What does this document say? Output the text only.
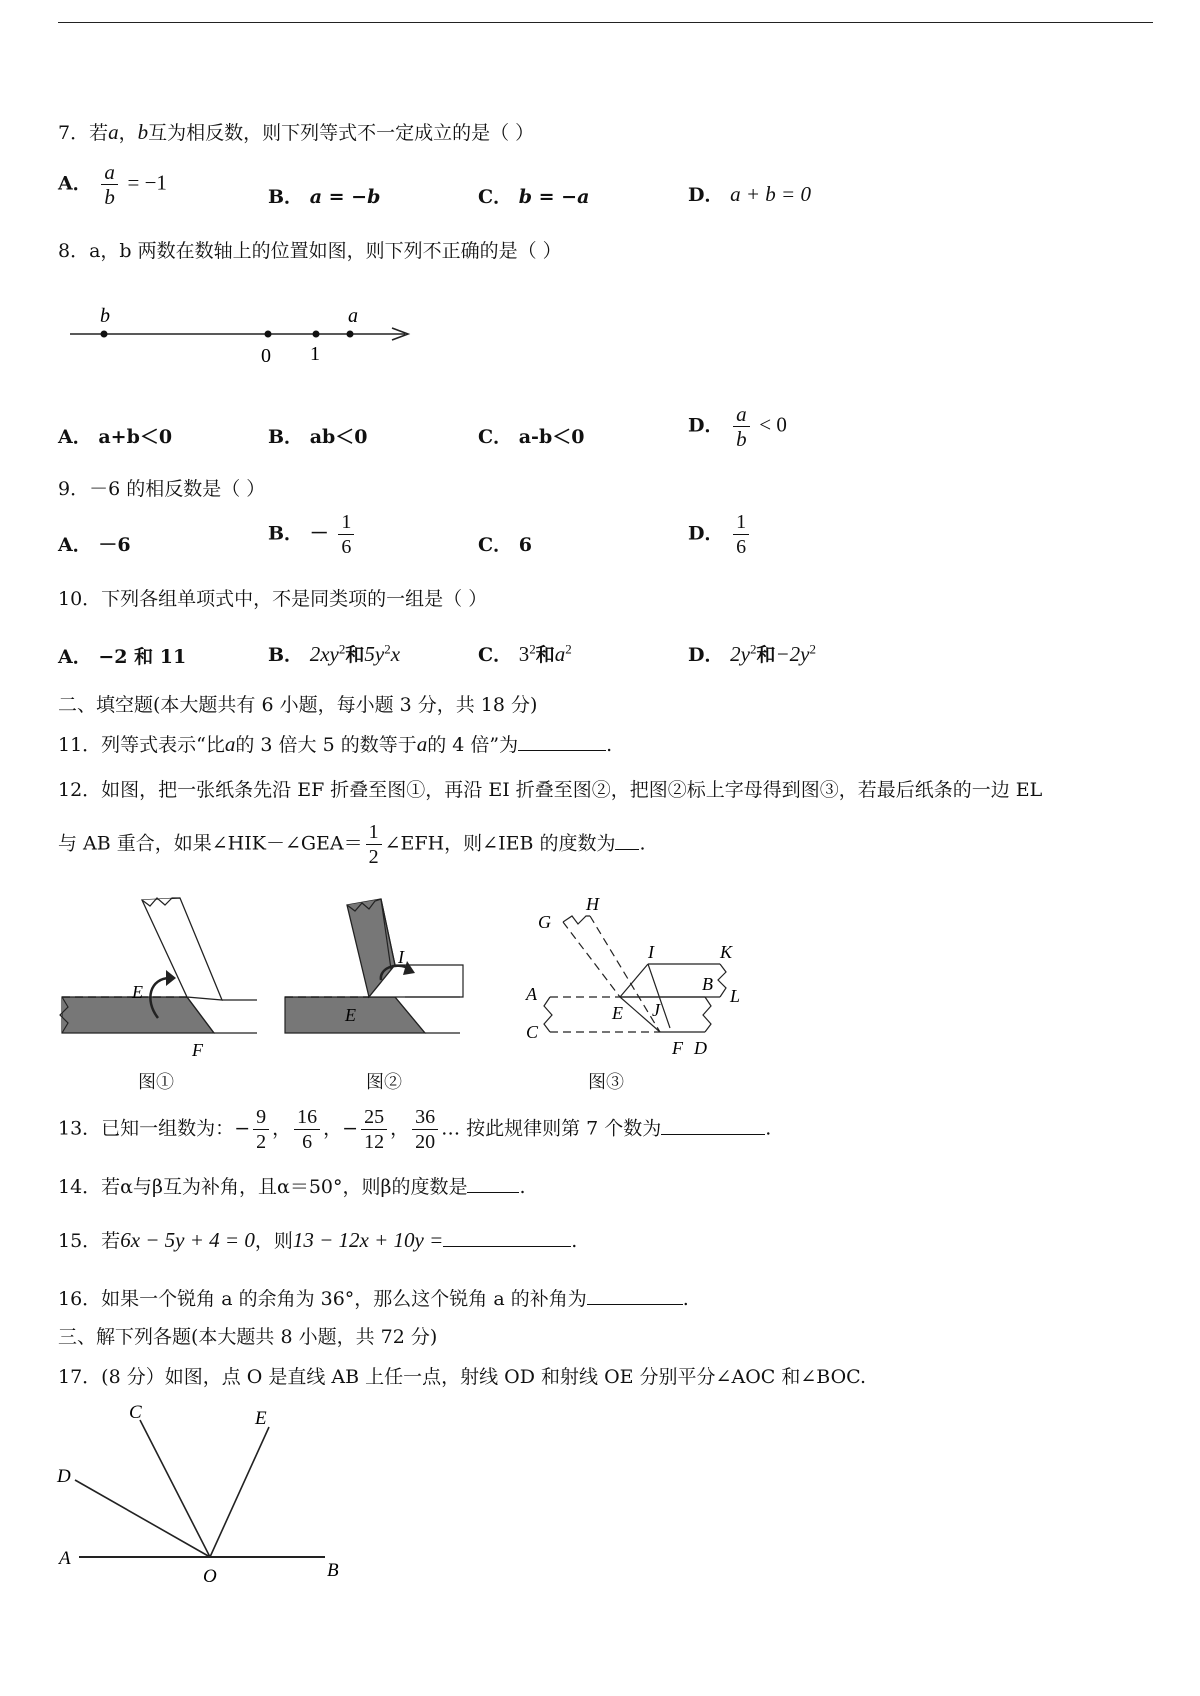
7．若a，b互为相反数，则下列等式不一定成立的是（ ）
A． $\frac{a}{b} = -1$
B． a = −b	C． b = −a	D． a + b = 0
8．a，b 两数在数轴上的位置如图，则下列不正确的是（ ）
b	a
0 1
A． a+b＜0	B． ab＜0	C． a-b＜0
D． $\frac{a}{b} < 0$
9．－6 的相反数是（ ）
A． －6
B． － $\frac{1}{6}$	C． 6
D． $\frac{1}{6}$
10．下列各组单项式中，不是同类项的一组是（ ）
A． −2 和 11	B． $2xy^2$和$5y^2x$	C． $3^2$和$a^2$	D． $2y^2$和$-2y^2$
二、填空题(本大题共有 6 小题，每小题 3 分，共 18 分)
11．列等式表示“比a的 3 倍大 5 的数等于a的 4 倍”为	.
12．如图，把一张纸条先沿 EF 折叠至图①，再沿 EI 折叠至图②，把图②标上字母得到图③，若最后纸条的一边 EL
与 AB 重合，如果∠HIK－∠GEA＝ $\frac{1}{2}$ ∠EFH，则∠IEB 的度数为 .
E
F
图①
I
E
图②
G
H
I	K
B
L
A
C
E J
F D
图③
13．已知一组数为：− $\frac{9}{2}$ ， $\frac{16}{6}$ ，− $\frac{25}{12}$ ， $\frac{36}{20}$ … 按此规律则第 7 个数为	.
14．若α与β互为补角，且α＝50°，则β的度数是	.
15．若6x − 5y + 4 = 0，则13 − 12x + 10y =	.
16．如果一个锐角 a 的余角为 36°，那么这个锐角 a 的补角为	.
三、解下列各题(本大题共 8 小题，共 72 分)
17．(8 分）如图，点 O 是直线 AB 上任一点，射线 OD 和射线 OE 分别平分∠AOC 和∠BOC.
C	E
D
A
O	B
